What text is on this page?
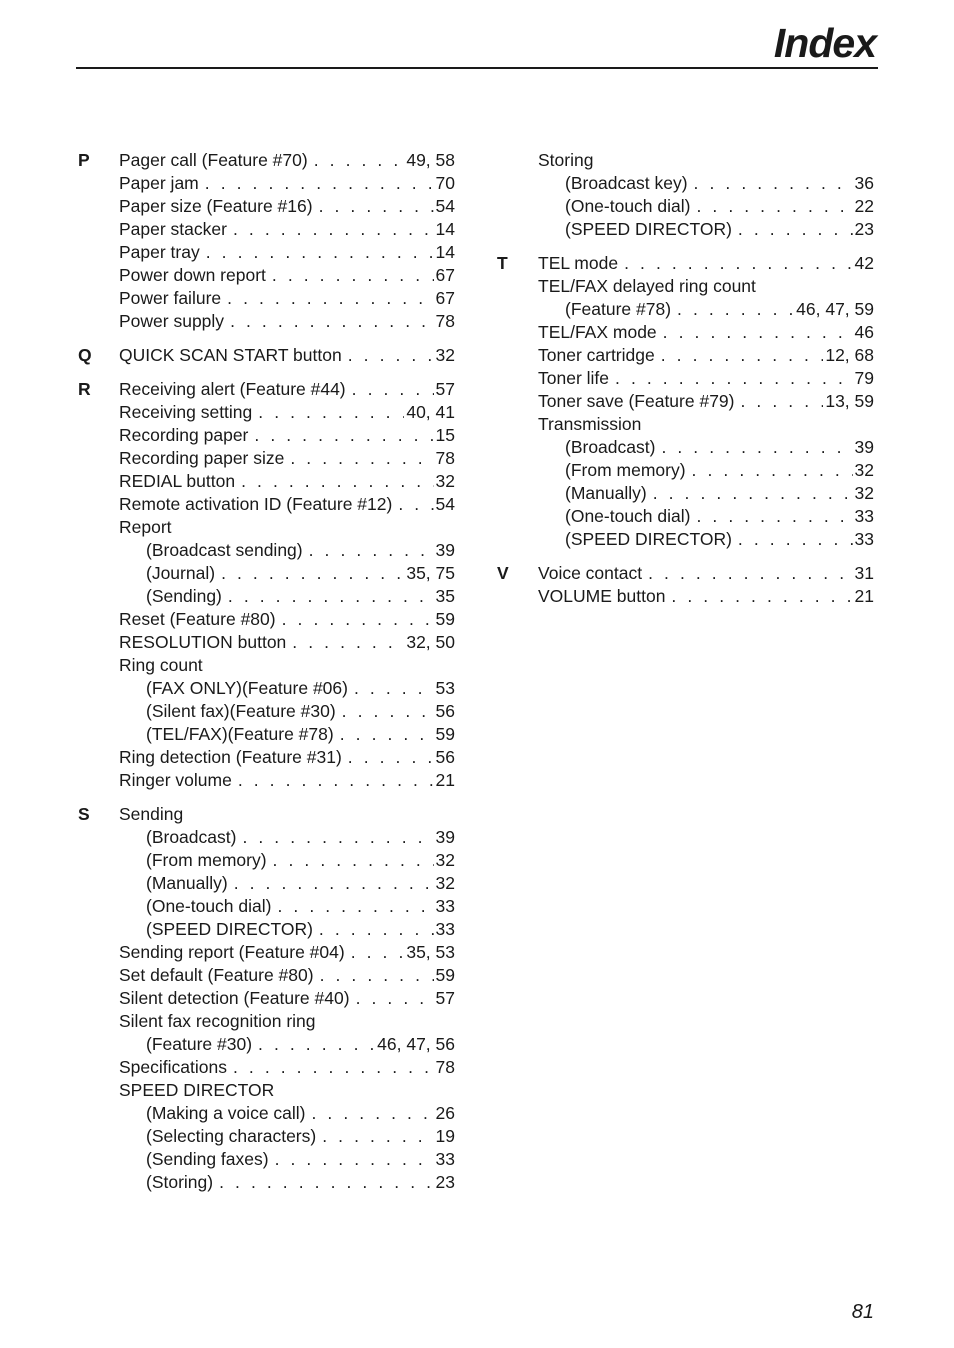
Index
P Pager call (Feature #70) . . .	49, 58
Paper jam . . .	70
Paper size (Feature #16) . . .	54
Paper stacker . . .	14
Paper tray . . .	14
Power down report . . .	67
Power failure . . .	67
Power supply . . .	78
Q QUICK SCAN START button . . .	32
R Receiving alert (Feature #44) . . .	57
Receiving setting . . .	40, 41
Recording paper . . .	15
Recording paper size . . .	78
REDIAL button . . .	32
Remote activation ID (Feature #12) . . . 54
Report
(Broadcast sending) . . .	39
(Journal) . . .	35, 75
(Sending) . . .	35
Reset (Feature #80) . . .	59
RESOLUTION button . . .	32, 50
Ring count
(FAX ONLY)(Feature #06) . . .	53
(Silent fax)(Feature #30) . . .	56
(TEL/FAX)(Feature #78) . . .	59
Ring detection (Feature #31) . . .	56
Ringer volume . . .	21
S Sending
(Broadcast) . . .	39
(From memory) . . .	32
(Manually) . . .	32
(One-touch dial) . . .	33
(SPEED DIRECTOR) . . .	33
Sending report (Feature #04) . . .	35, 53
Set default (Feature #80) . . .	59
Silent detection (Feature #40) . . .	57
Silent fax recognition ring
(Feature #30) . . .	46, 47, 56
Specifications . . .	78
SPEED DIRECTOR
(Making a voice call) . . .	26
(Selecting characters) . . .	19
(Sending faxes) . . .	33
(Storing) . . .	23
Storing
(Broadcast key) . . .	36
(One-touch dial) . . .	22
(SPEED DIRECTOR) . . .	23
T TEL mode . . .	42
TEL/FAX delayed ring count
(Feature #78) . . .	46, 47, 59
TEL/FAX mode . . .	46
Toner cartridge . . .	12, 68
Toner life . . .	79
Toner save (Feature #79) . . .	13, 59
Transmission
(Broadcast) . . .	39
(From memory) . . .	32
(Manually) . . .	32
(One-touch dial) . . .	33
(SPEED DIRECTOR) . . .	33
V Voice contact . . .	31
VOLUME button . . .	21
81
